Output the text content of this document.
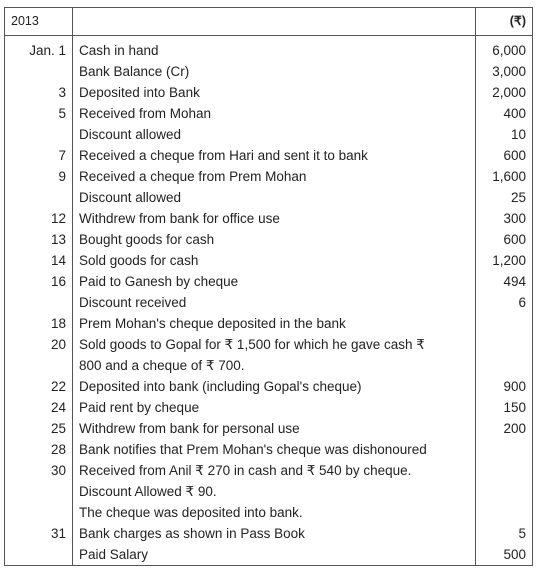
2013		(₹)
Jan. 1	Cash in hand	6,000
	Bank Balance (Cr)	3,000
3	Deposited into Bank	2,000
5	Received from Mohan	400
	Discount allowed	10
7	Received a cheque from Hari and sent it to bank	600
9	Received a cheque from Prem Mohan	1,600
	Discount allowed	25
12	Withdrew from bank for office use	300
13	Bought goods for cash	600
14	Sold goods for cash	1,200
16	Paid to Ganesh by cheque	494
	Discount received	6
18	Prem Mohan's cheque deposited in the bank	
20	Sold goods to Gopal for ₹ 1,500 for which he gave cash ₹	
	800 and a cheque of ₹ 700.	
22	Deposited into bank (including Gopal's cheque)	900
24	Paid rent by cheque	150
25	Withdrew from bank for personal use	200
28	Bank notifies that Prem Mohan's cheque was dishonoured	
30	Received from Anil ₹ 270 in cash and ₹ 540 by cheque.	
	Discount Allowed ₹ 90.	
	The cheque was deposited into bank.	
31	Bank charges as shown in Pass Book	5
	Paid Salary	500
